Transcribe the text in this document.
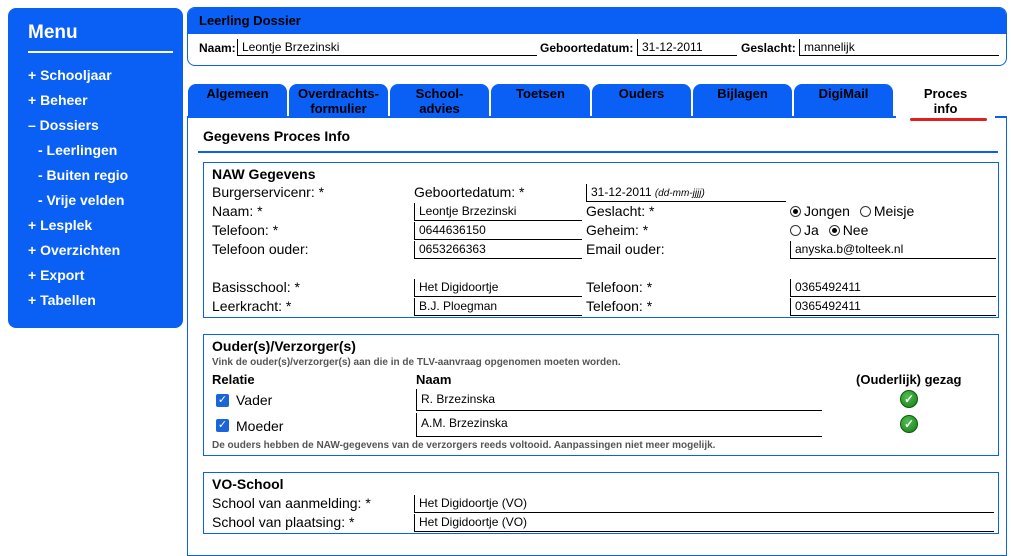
Menu
+ Schooljaar
+ Beheer
– Dossiers
- Leerlingen
- Buiten regio
- Vrije velden
+ Lesplek
+ Overzichten
+ Export
+ Tabellen
Leerling Dossier
Naam: Leontje Brzezinski	Geboortedatum: 31-12-2011	Geslacht: mannelijk
Algemeen	Overdrachts-
formulier
School-
advies
Toetsen	Ouders	Bijlagen	DigiMail	Proces
info
Gegevens Proces Info
NAW Gegevens
Burgerservicenr: *	Geboortedatum: *	31-12-2011 (dd-mm-jjjj)
Naam: *	Leontje Brzezinski	Geslacht: *	Jongen Meisje
Telefoon: *	0644636150	Geheim: *	Ja Nee
Telefoon ouder:	0653266363	Email ouder:	anyska.b@tolteek.nl
Basisschool: *	Het Digidoortje	Telefoon: *	0365492411
Leerkracht: *	B.J. Ploegman	Telefoon: *	0365492411
Ouder(s)/Verzorger(s)
Vink de ouder(s)/verzorger(s) aan die in de TLV-aanvraag opgenomen moeten worden.
Relatie	Naam	(Ouderlijk) gezag
✓ Vader	R. Brzezinska	✓
✓ Moeder	A.M. Brzezinska	✓
De ouders hebben de NAW-gegevens van de verzorgers reeds voltooid. Aanpassingen niet meer mogelijk.
VO-School
School van aanmelding: *	Het Digidoortje (VO)
School van plaatsing: *	Het Digidoortje (VO)
